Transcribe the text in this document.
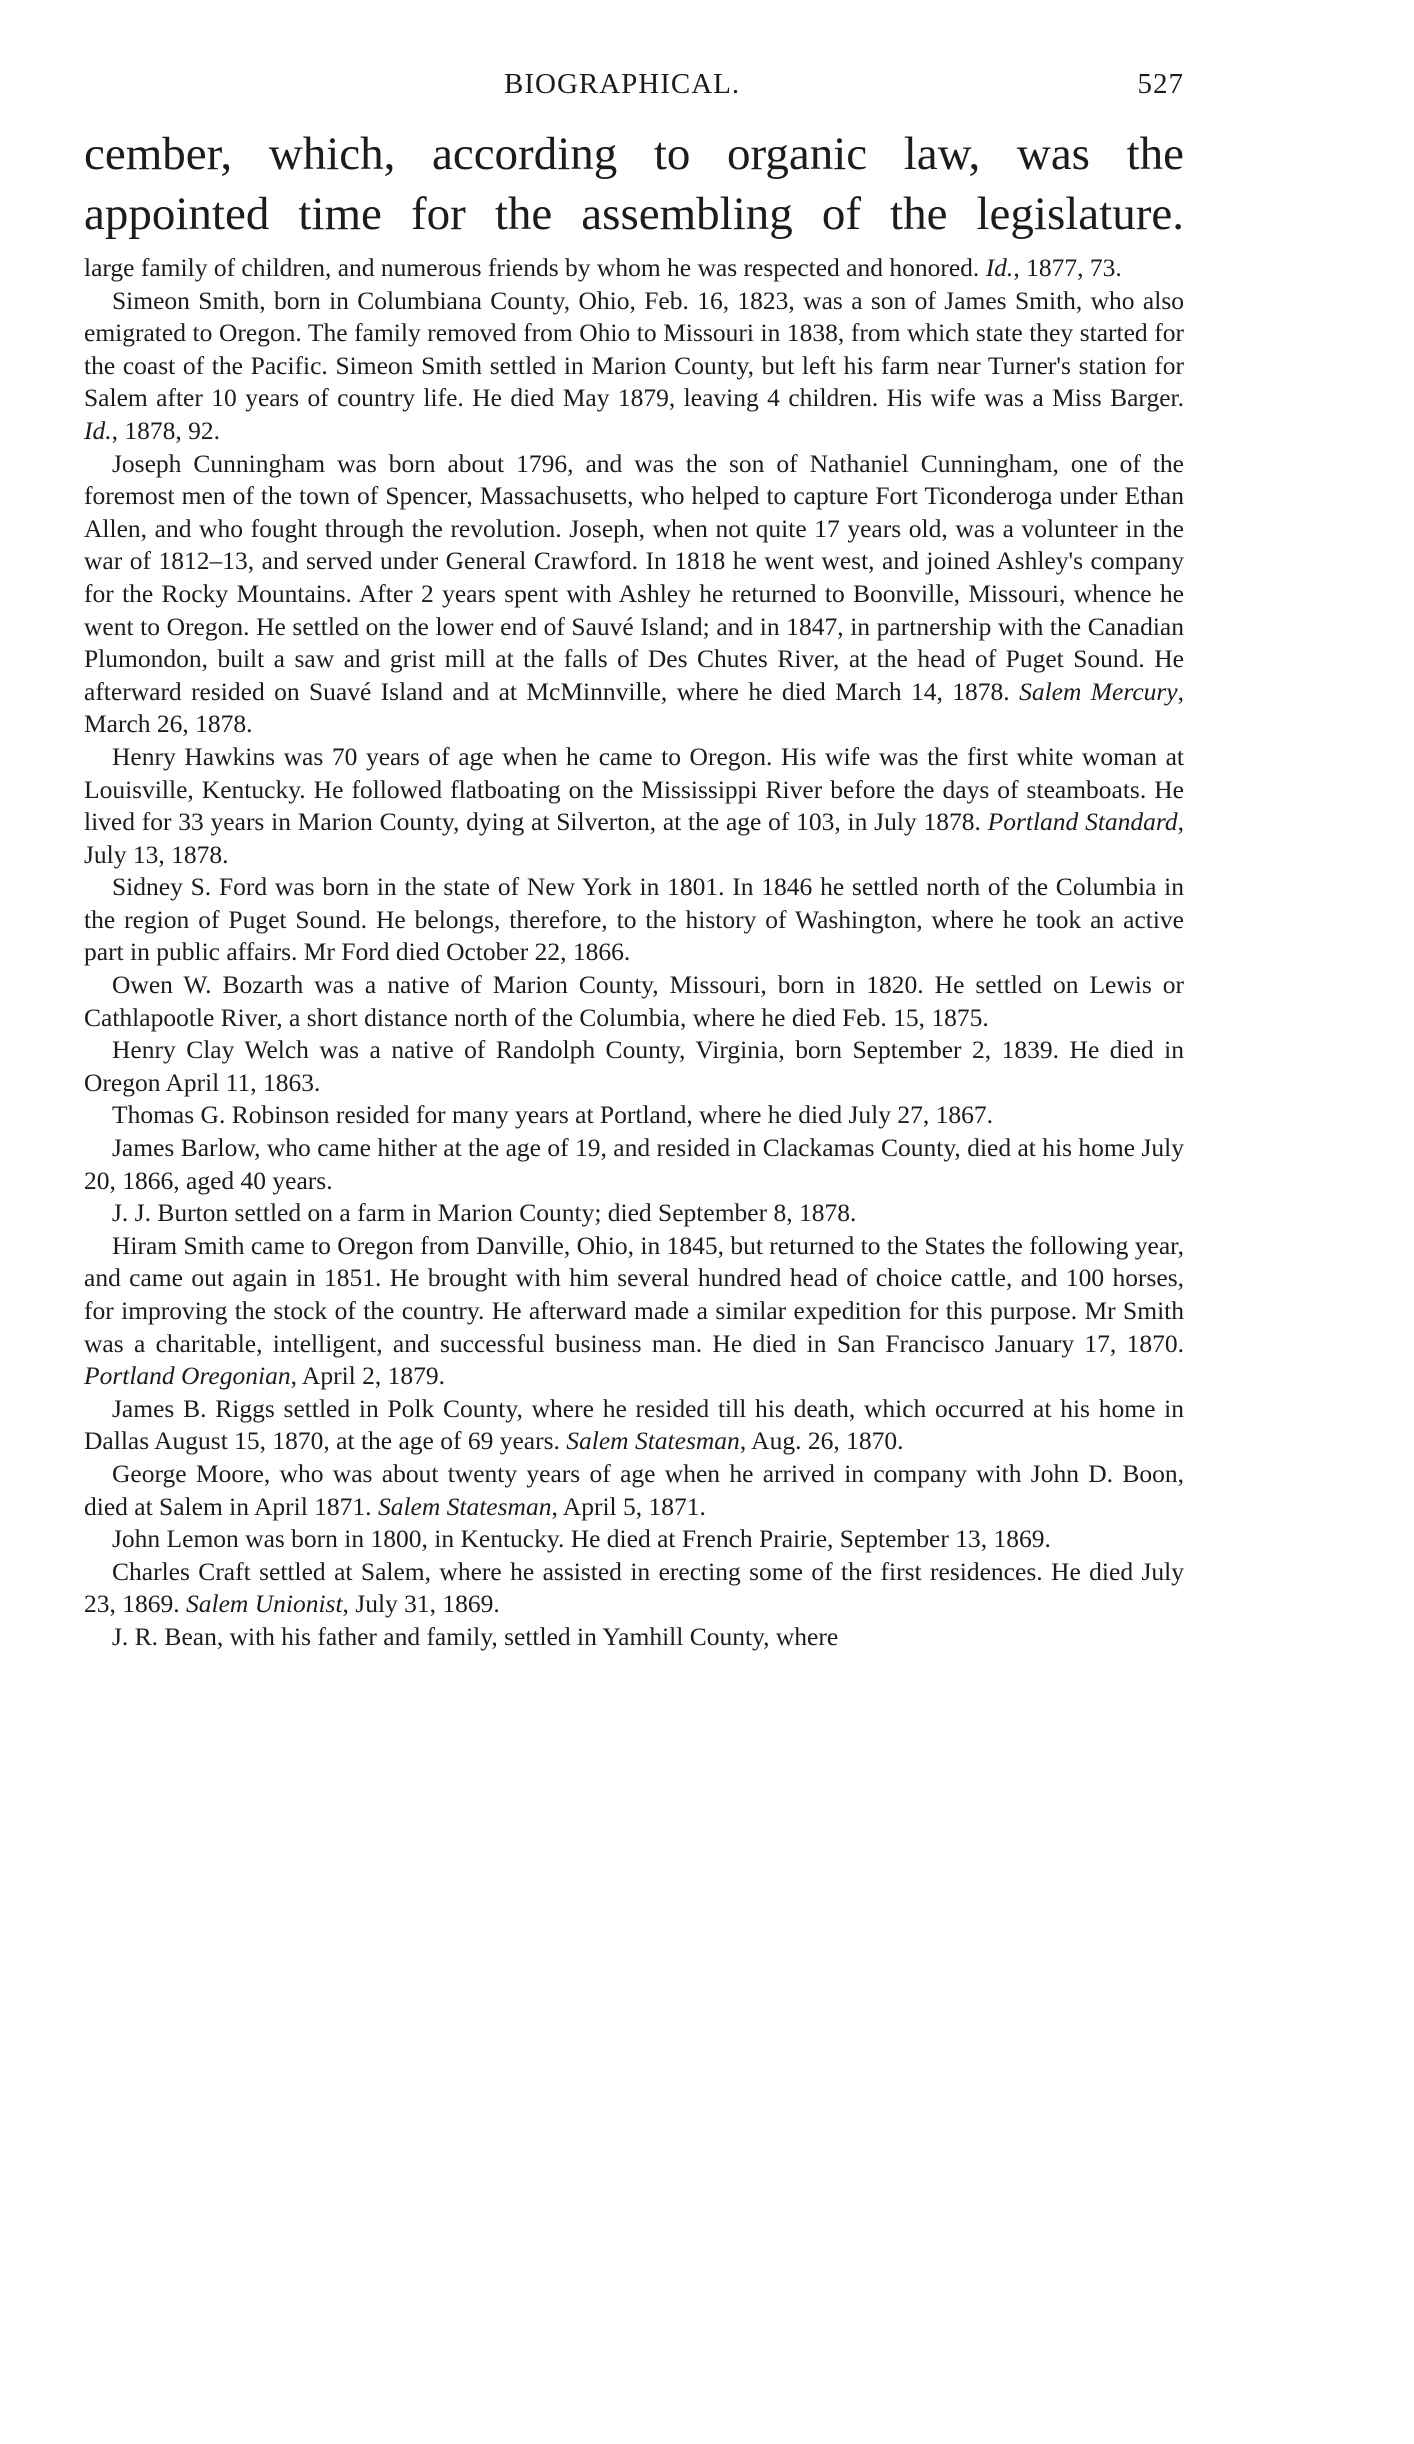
BIOGRAPHICAL.	527
cember, which, according to organic law, was the
appointed time for the assembling of the legislature.

large family of children, and numerous friends by whom he was respected and honored. Id., 1877, 73.

Simeon Smith, born in Columbiana County, Ohio, Feb. 16, 1823, was a son of James Smith, who also emigrated to Oregon. The family removed from Ohio to Missouri in 1838, from which state they started for the coast of the Pacific. Simeon Smith settled in Marion County, but left his farm near Turner's station for Salem after 10 years of country life. He died May 1879, leaving 4 children. His wife was a Miss Barger. Id., 1878, 92.

Joseph Cunningham was born about 1796, and was the son of Nathaniel Cunningham, one of the foremost men of the town of Spencer, Massachusetts, who helped to capture Fort Ticonderoga under Ethan Allen, and who fought through the revolution. Joseph, when not quite 17 years old, was a volunteer in the war of 1812–13, and served under General Crawford. In 1818 he went west, and joined Ashley's company for the Rocky Mountains. After 2 years spent with Ashley he returned to Boonville, Missouri, whence he went to Oregon. He settled on the lower end of Sauvé Island; and in 1847, in partnership with the Canadian Plumondon, built a saw and grist mill at the falls of Des Chutes River, at the head of Puget Sound. He afterward resided on Suavé Island and at McMinnville, where he died March 14, 1878. Salem Mercury, March 26, 1878.

Henry Hawkins was 70 years of age when he came to Oregon. His wife was the first white woman at Louisville, Kentucky. He followed flatboating on the Mississippi River before the days of steamboats. He lived for 33 years in Marion County, dying at Silverton, at the age of 103, in July 1878. Portland Standard, July 13, 1878.

Sidney S. Ford was born in the state of New York in 1801. In 1846 he settled north of the Columbia in the region of Puget Sound. He belongs, therefore, to the history of Washington, where he took an active part in public affairs. Mr Ford died October 22, 1866.

Owen W. Bozarth was a native of Marion County, Missouri, born in 1820. He settled on Lewis or Cathlapootle River, a short distance north of the Columbia, where he died Feb. 15, 1875.

Henry Clay Welch was a native of Randolph County, Virginia, born September 2, 1839. He died in Oregon April 11, 1863.

Thomas G. Robinson resided for many years at Portland, where he died July 27, 1867.

James Barlow, who came hither at the age of 19, and resided in Clackamas County, died at his home July 20, 1866, aged 40 years.

J. J. Burton settled on a farm in Marion County; died September 8, 1878.

Hiram Smith came to Oregon from Danville, Ohio, in 1845, but returned to the States the following year, and came out again in 1851. He brought with him several hundred head of choice cattle, and 100 horses, for improving the stock of the country. He afterward made a similar expedition for this purpose. Mr Smith was a charitable, intelligent, and successful business man. He died in San Francisco January 17, 1870. Portland Oregonian, April 2, 1879.

James B. Riggs settled in Polk County, where he resided till his death, which occurred at his home in Dallas August 15, 1870, at the age of 69 years. Salem Statesman, Aug. 26, 1870.

George Moore, who was about twenty years of age when he arrived in company with John D. Boon, died at Salem in April 1871. Salem Statesman, April 5, 1871.

John Lemon was born in 1800, in Kentucky. He died at French Prairie, September 13, 1869.

Charles Craft settled at Salem, where he assisted in erecting some of the first residences. He died July 23, 1869. Salem Unionist, July 31, 1869.

J. R. Bean, with his father and family, settled in Yamhill County, where
